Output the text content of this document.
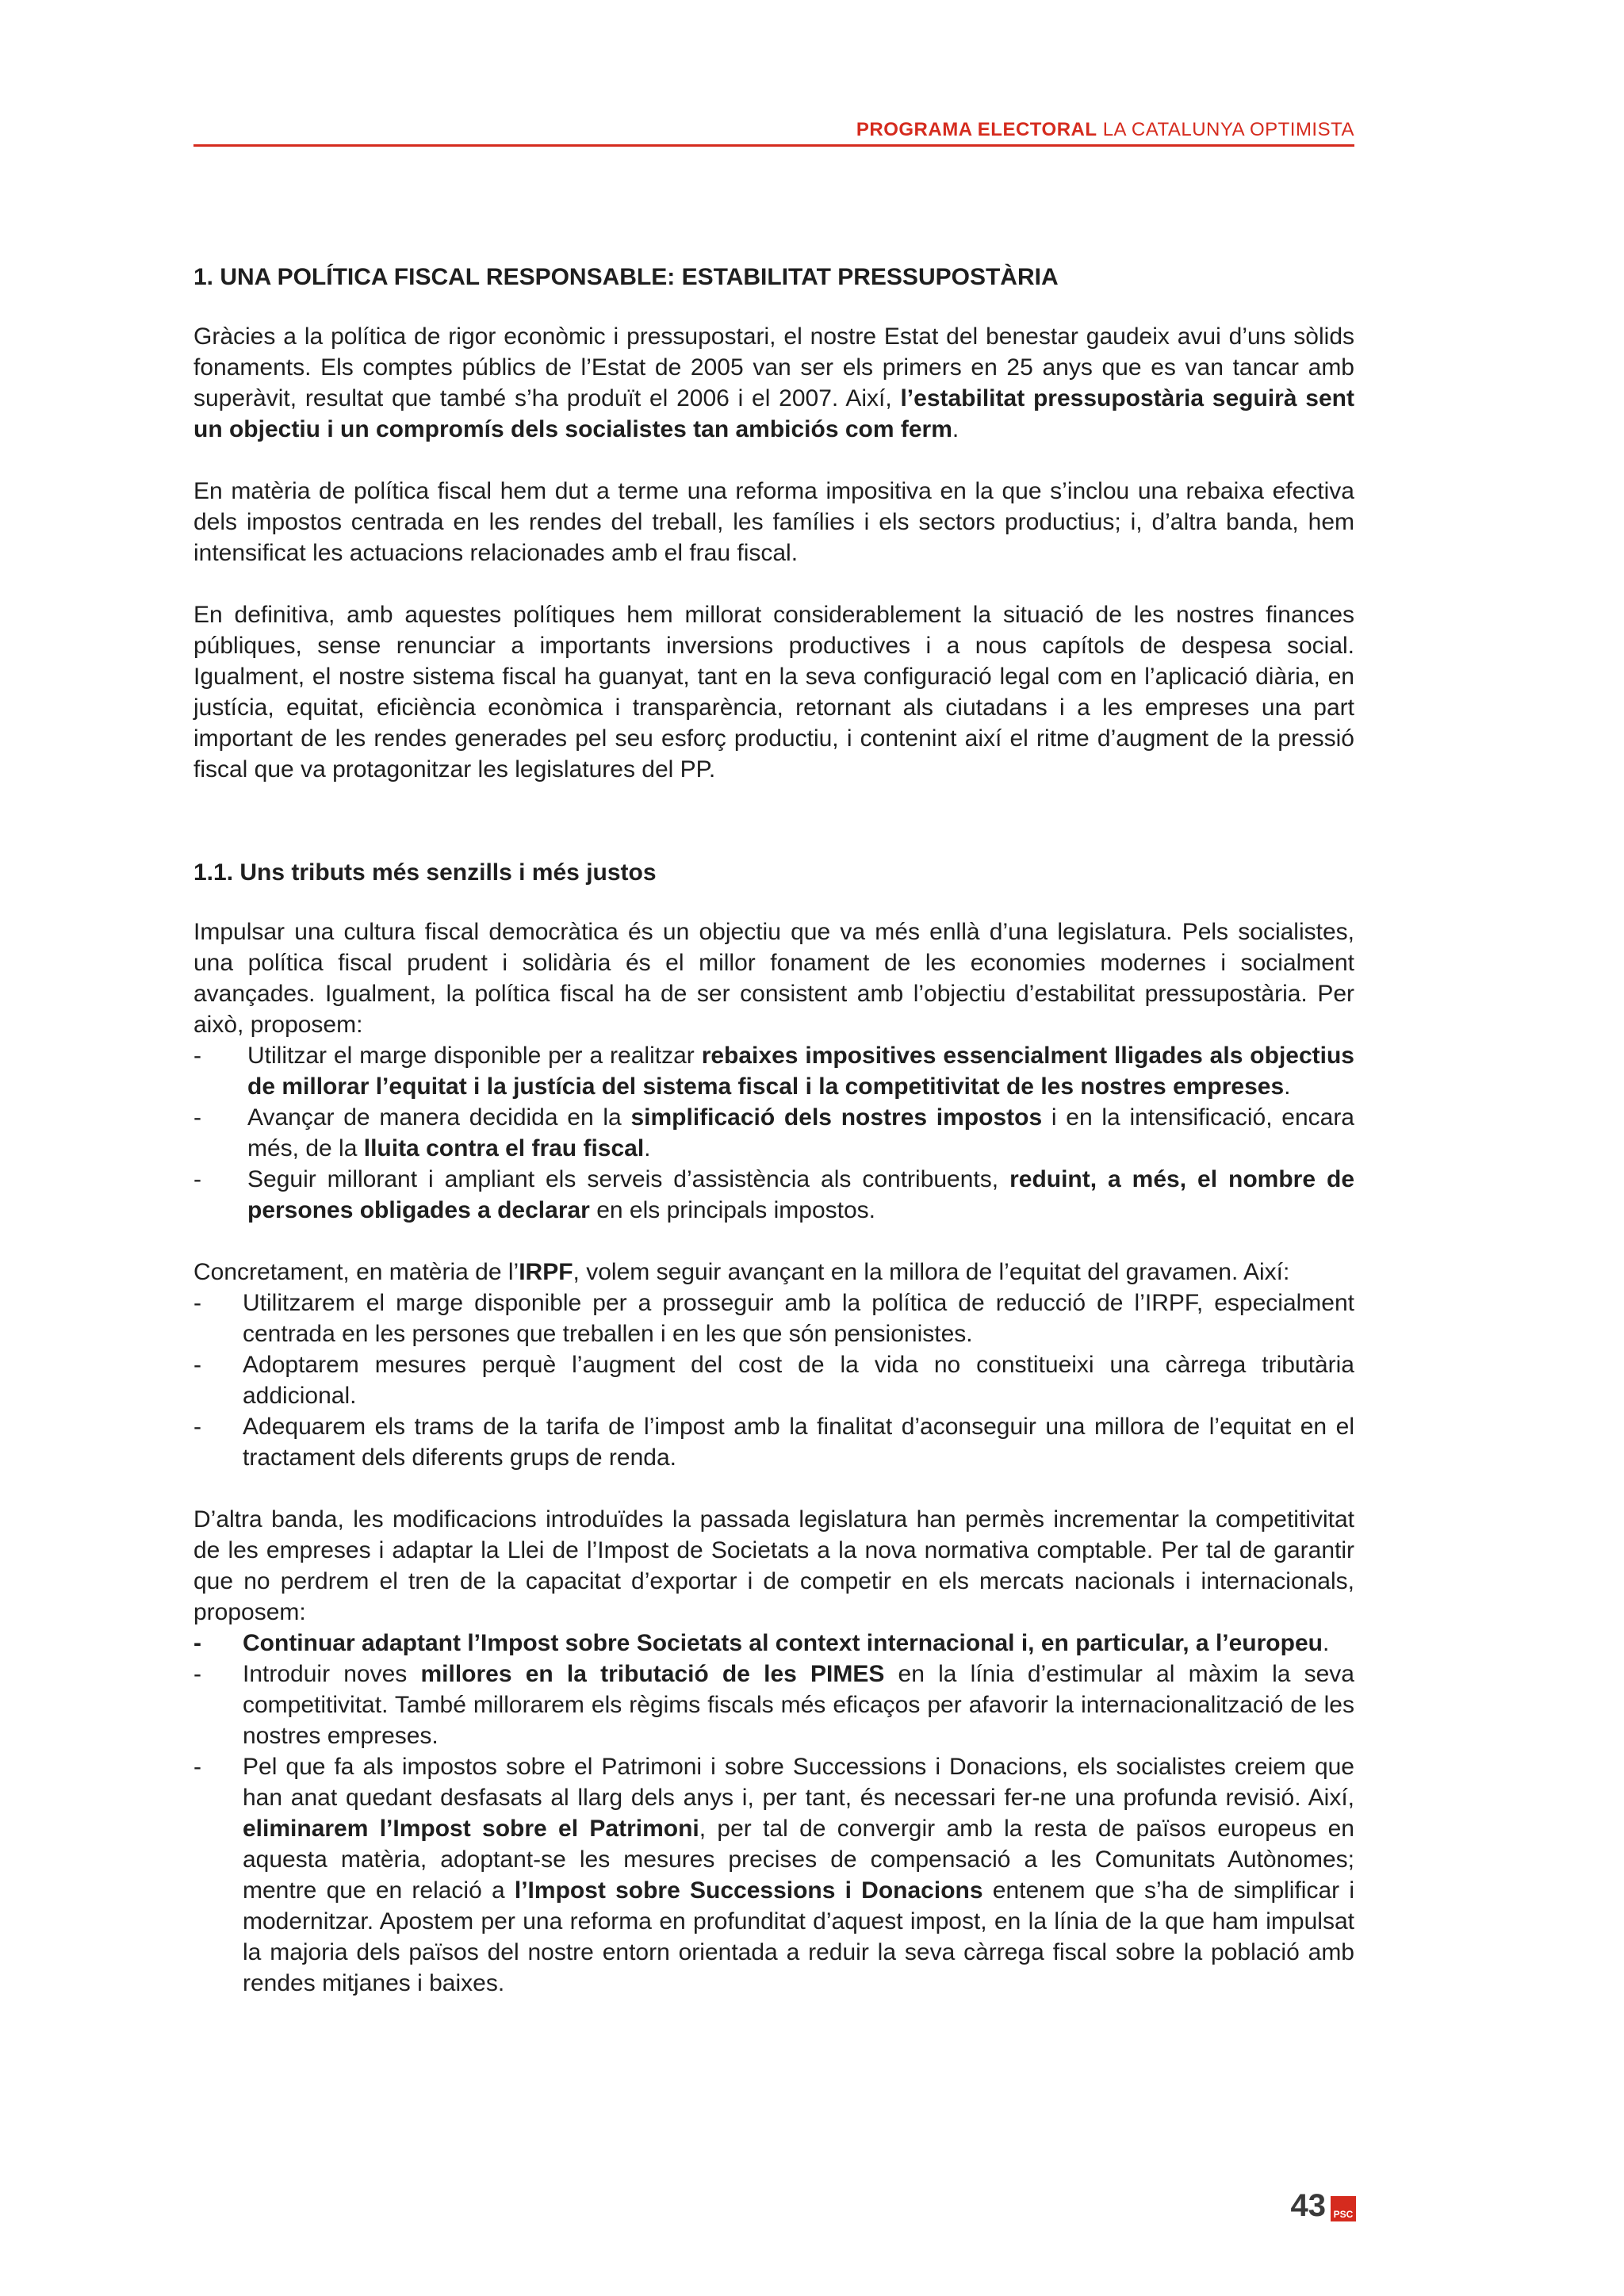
PROGRAMA ELECTORAL LA CATALUNYA OPTIMISTA
1. UNA POLÍTICA FISCAL RESPONSABLE: ESTABILITAT PRESSUPOSTÀRIA

Gràcies a la política de rigor econòmic i pressupostari, el nostre Estat del benestar gaudeix avui d’uns sòlids fonaments. Els comptes públics de l’Estat de 2005 van ser els primers en 25 anys que es van tancar amb superàvit, resultat que també s’ha produït el 2006 i el 2007. Així, l’estabilitat pressupostària seguirà sent un objectiu i un compromís dels socialistes tan ambiciós com ferm.

En matèria de política fiscal hem dut a terme una reforma impositiva en la que s’inclou una rebaixa efectiva dels impostos centrada en les rendes del treball, les famílies i els sectors productius; i, d’altra banda, hem intensificat les actuacions relacionades amb el frau fiscal.

En definitiva, amb aquestes polítiques hem millorat considerablement la situació de les nostres finances públiques, sense renunciar a importants inversions productives i a nous capítols de despesa social. Igualment, el nostre sistema fiscal ha guanyat, tant en la seva configuració legal com en l’aplicació diària, en justícia, equitat, eficiència econòmica i transparència, retornant als ciutadans i a les empreses una part important de les rendes generades pel seu esforç productiu, i contenint així el ritme d’augment de la pressió fiscal que va protagonitzar les legislatures del PP.

1.1. Uns tributs més senzills i més justos

Impulsar una cultura fiscal democràtica és un objectiu que va més enllà d’una legislatura. Pels socialistes, una política fiscal prudent i solidària és el millor fonament de les economies modernes i socialment avançades. Igualment, la política fiscal ha de ser consistent amb l’objectiu d’estabilitat pressupostària. Per això, proposem:

- Utilitzar el marge disponible per a realitzar rebaixes impositives essencialment lligades als objectius de millorar l’equitat i la justícia del sistema fiscal i la competitivitat de les nostres empreses.
- Avançar de manera decidida en la simplificació dels nostres impostos i en la intensificació, encara més, de la lluita contra el frau fiscal.
- Seguir millorant i ampliant els serveis d’assistència als contribuents, reduint, a més, el nombre de persones obligades a declarar en els principals impostos.

Concretament, en matèria de l’IRPF, volem seguir avançant en la millora de l’equitat del gravamen. Així:

- Utilitzarem el marge disponible per a prosseguir amb la política de reducció de l’IRPF, especialment centrada en les persones que treballen i en les que són pensionistes.
- Adoptarem mesures perquè l’augment del cost de la vida no constitueixi una càrrega tributària addicional.
- Adequarem els trams de la tarifa de l’impost amb la finalitat d’aconseguir una millora de l’equitat en el tractament dels diferents grups de renda.

D’altra banda, les modificacions introduïdes la passada legislatura han permès incrementar la competitivitat de les empreses i adaptar la Llei de l’Impost de Societats a la nova normativa comptable. Per tal de garantir que no perdrem el tren de la capacitat d’exportar i de competir en els mercats nacionals i internacionals, proposem:

- Continuar adaptant l’Impost sobre Societats al context internacional i, en particular, a l’europeu.
- Introduir noves millores en la tributació de les PIMES en la línia d’estimular al màxim la seva competitivitat. També millorarem els règims fiscals més eficaços per afavorir la internacionalització de les nostres empreses.
- Pel que fa als impostos sobre el Patrimoni i sobre Successions i Donacions, els socialistes creiem que han anat quedant desfasats al llarg dels anys i, per tant, és necessari fer-ne una profunda revisió. Així, eliminarem l’Impost sobre el Patrimoni, per tal de convergir amb la resta de països europeus en aquesta matèria, adoptant-se les mesures precises de compensació a les Comunitats Autònomes; mentre que en relació a l’Impost sobre Successions i Donacions entenem que s’ha de simplificar i modernitzar. Apostem per una reforma en profunditat d’aquest impost, en la línia de la que ham impulsat la majoria dels països del nostre entorn orientada a reduir la seva càrrega fiscal sobre la població amb rendes mitjanes i baixes.
43 PSC
